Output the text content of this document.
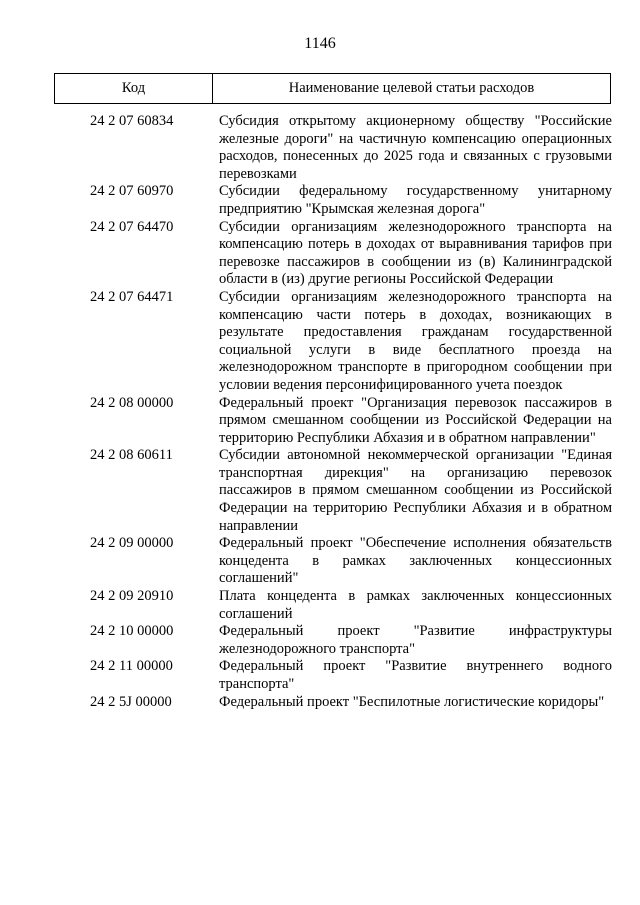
1146
Код	Наименование целевой статьи расходов
24 2 07 60834	Субсидия открытому акционерному обществу "Российские железные дороги" на частичную компенсацию операционных расходов, понесенных до 2025 года и связанных с грузовыми перевозками
24 2 07 60970	Субсидии федеральному государственному унитарному предприятию "Крымская железная дорога"
24 2 07 64470	Субсидии организациям железнодорожного транспорта на компенсацию потерь в доходах от выравнивания тарифов при перевозке пассажиров в сообщении из (в) Калининградской области в (из) другие регионы Российской Федерации
24 2 07 64471	Субсидии организациям железнодорожного транспорта на компенсацию части потерь в доходах, возникающих в результате предоставления гражданам государственной социальной услуги в виде бесплатного проезда на железнодорожном транспорте в пригородном сообщении при условии ведения персонифицированного учета поездок
24 2 08 00000	Федеральный проект "Организация перевозок пассажиров в прямом смешанном сообщении из Российской Федерации на территорию Республики Абхазия и в обратном направлении"
24 2 08 60611	Субсидии автономной некоммерческой организации "Единая транспортная дирекция" на организацию перевозок пассажиров в прямом смешанном сообщении из Российской Федерации на территорию Республики Абхазия и в обратном направлении
24 2 09 00000	Федеральный проект "Обеспечение исполнения обязательств концедента в рамках заключенных концессионных соглашений"
24 2 09 20910	Плата концедента в рамках заключенных концессионных соглашений
24 2 10 00000	Федеральный проект "Развитие инфраструктуры железнодорожного транспорта"
24 2 11 00000	Федеральный проект "Развитие внутреннего водного транспорта"
24 2 5J 00000	Федеральный проект "Беспилотные логистические коридоры"
